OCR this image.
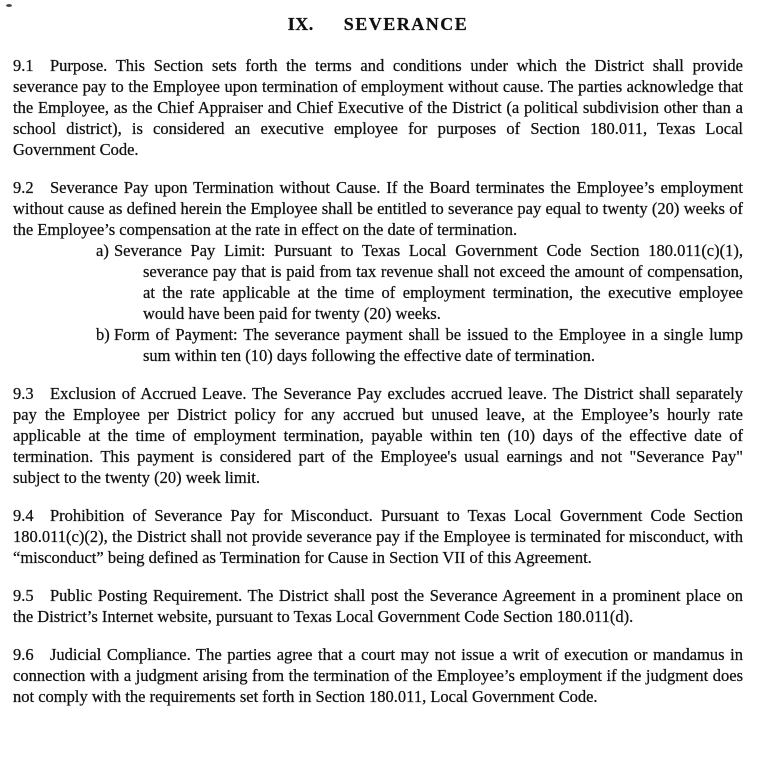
IX. SEVERANCE

9.1 Purpose. This Section sets forth the terms and conditions under which the District shall provide severance pay to the Employee upon termination of employment without cause. The parties acknowledge that the Employee, as the Chief Appraiser and Chief Executive of the District (a political subdivision other than a school district), is considered an executive employee for purposes of Section 180.011, Texas Local Government Code.

9.2 Severance Pay upon Termination without Cause. If the Board terminates the Employee’s employment without cause as defined herein the Employee shall be entitled to severance pay equal to twenty (20) weeks of the Employee’s compensation at the rate in effect on the date of termination.

a) Severance Pay Limit: Pursuant to Texas Local Government Code Section 180.011(c)(1), severance pay that is paid from tax revenue shall not exceed the amount of compensation, at the rate applicable at the time of employment termination, the executive employee would have been paid for twenty (20) weeks.
b) Form of Payment: The severance payment shall be issued to the Employee in a single lump sum within ten (10) days following the effective date of termination.

9.3 Exclusion of Accrued Leave. The Severance Pay excludes accrued leave. The District shall separately pay the Employee per District policy for any accrued but unused leave, at the Employee’s hourly rate applicable at the time of employment termination, payable within ten (10) days of the effective date of termination. This payment is considered part of the Employee's usual earnings and not "Severance Pay" subject to the twenty (20) week limit.

9.4 Prohibition of Severance Pay for Misconduct. Pursuant to Texas Local Government Code Section 180.011(c)(2), the District shall not provide severance pay if the Employee is terminated for misconduct, with “misconduct” being defined as Termination for Cause in Section VII of this Agreement.

9.5 Public Posting Requirement. The District shall post the Severance Agreement in a prominent place on the District’s Internet website, pursuant to Texas Local Government Code Section 180.011(d).

9.6 Judicial Compliance. The parties agree that a court may not issue a writ of execution or mandamus in connection with a judgment arising from the termination of the Employee’s employment if the judgment does not comply with the requirements set forth in Section 180.011, Local Government Code.
